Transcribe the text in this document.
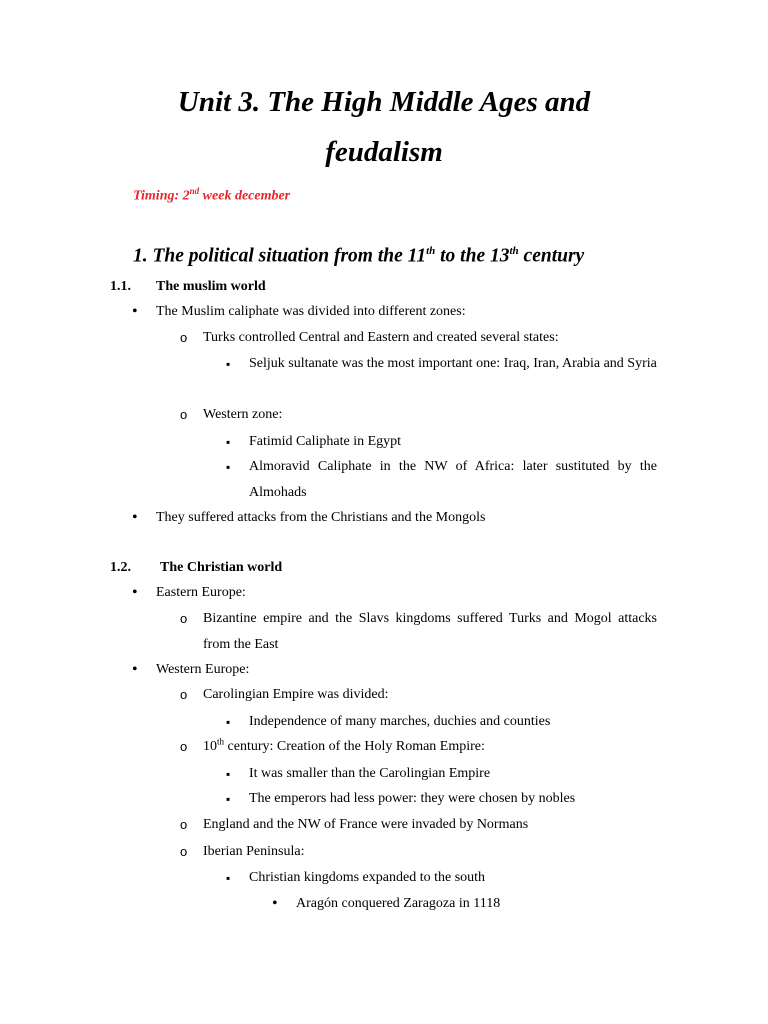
Unit 3. The High Middle Ages and
feudalism
Timing: 2nd week december
1. The political situation from the 11th to the 13th century
1.1. The muslim world
•
The Muslim caliphate was divided into different zones:
o
Turks controlled Central and Eastern and created several states:
▪
Seljuk sultanate was the most important one: Iraq, Iran, Arabia and Syria
o
Western zone:
▪
Fatimid Caliphate in Egypt
▪
Almoravid Caliphate in the NW of Africa: later sustituted by the Almohads
•
They suffered attacks from the Christians and the Mongols
1.2. The Christian world
•
Eastern Europe:
o
Bizantine empire and the Slavs kingdoms suffered Turks and Mogol attacks from the East
•
Western Europe:
o
Carolingian Empire was divided:
▪
Independence of many marches, duchies and counties
o
10th century: Creation of the Holy Roman Empire:
▪
It was smaller than the Carolingian Empire
▪
The emperors had less power: they were chosen by nobles
o
England and the NW of France were invaded by Normans
o
Iberian Peninsula:
▪
Christian kingdoms expanded to the south
•
Aragón conquered Zaragoza in 1118
